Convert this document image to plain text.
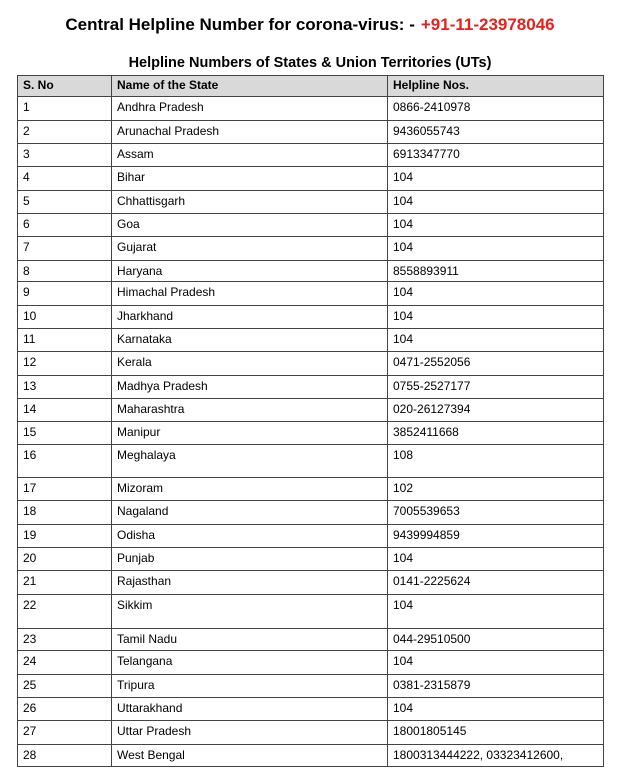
Central Helpline Number for corona-virus: - +91-11-23978046
Helpline Numbers of States & Union Territories (UTs)
S. No	Name of the State	Helpline Nos.
1	Andhra Pradesh	0866-2410978
2	Arunachal Pradesh	9436055743
3	Assam	6913347770
4	Bihar	104
5	Chhattisgarh	104
6	Goa	104
7	Gujarat	104
8	Haryana	8558893911
9	Himachal Pradesh	104
10	Jharkhand	104
11	Karnataka	104
12	Kerala	0471-2552056
13	Madhya Pradesh	0755-2527177
14	Maharashtra	020-26127394
15	Manipur	3852411668
16	Meghalaya	108
17	Mizoram	102
18	Nagaland	7005539653
19	Odisha	9439994859
20	Punjab	104
21	Rajasthan	0141-2225624
22	Sikkim	104
23	Tamil Nadu	044-29510500
24	Telangana	104
25	Tripura	0381-2315879
26	Uttarakhand	104
27	Uttar Pradesh	18001805145
28	West Bengal	1800313444222, 03323412600,
